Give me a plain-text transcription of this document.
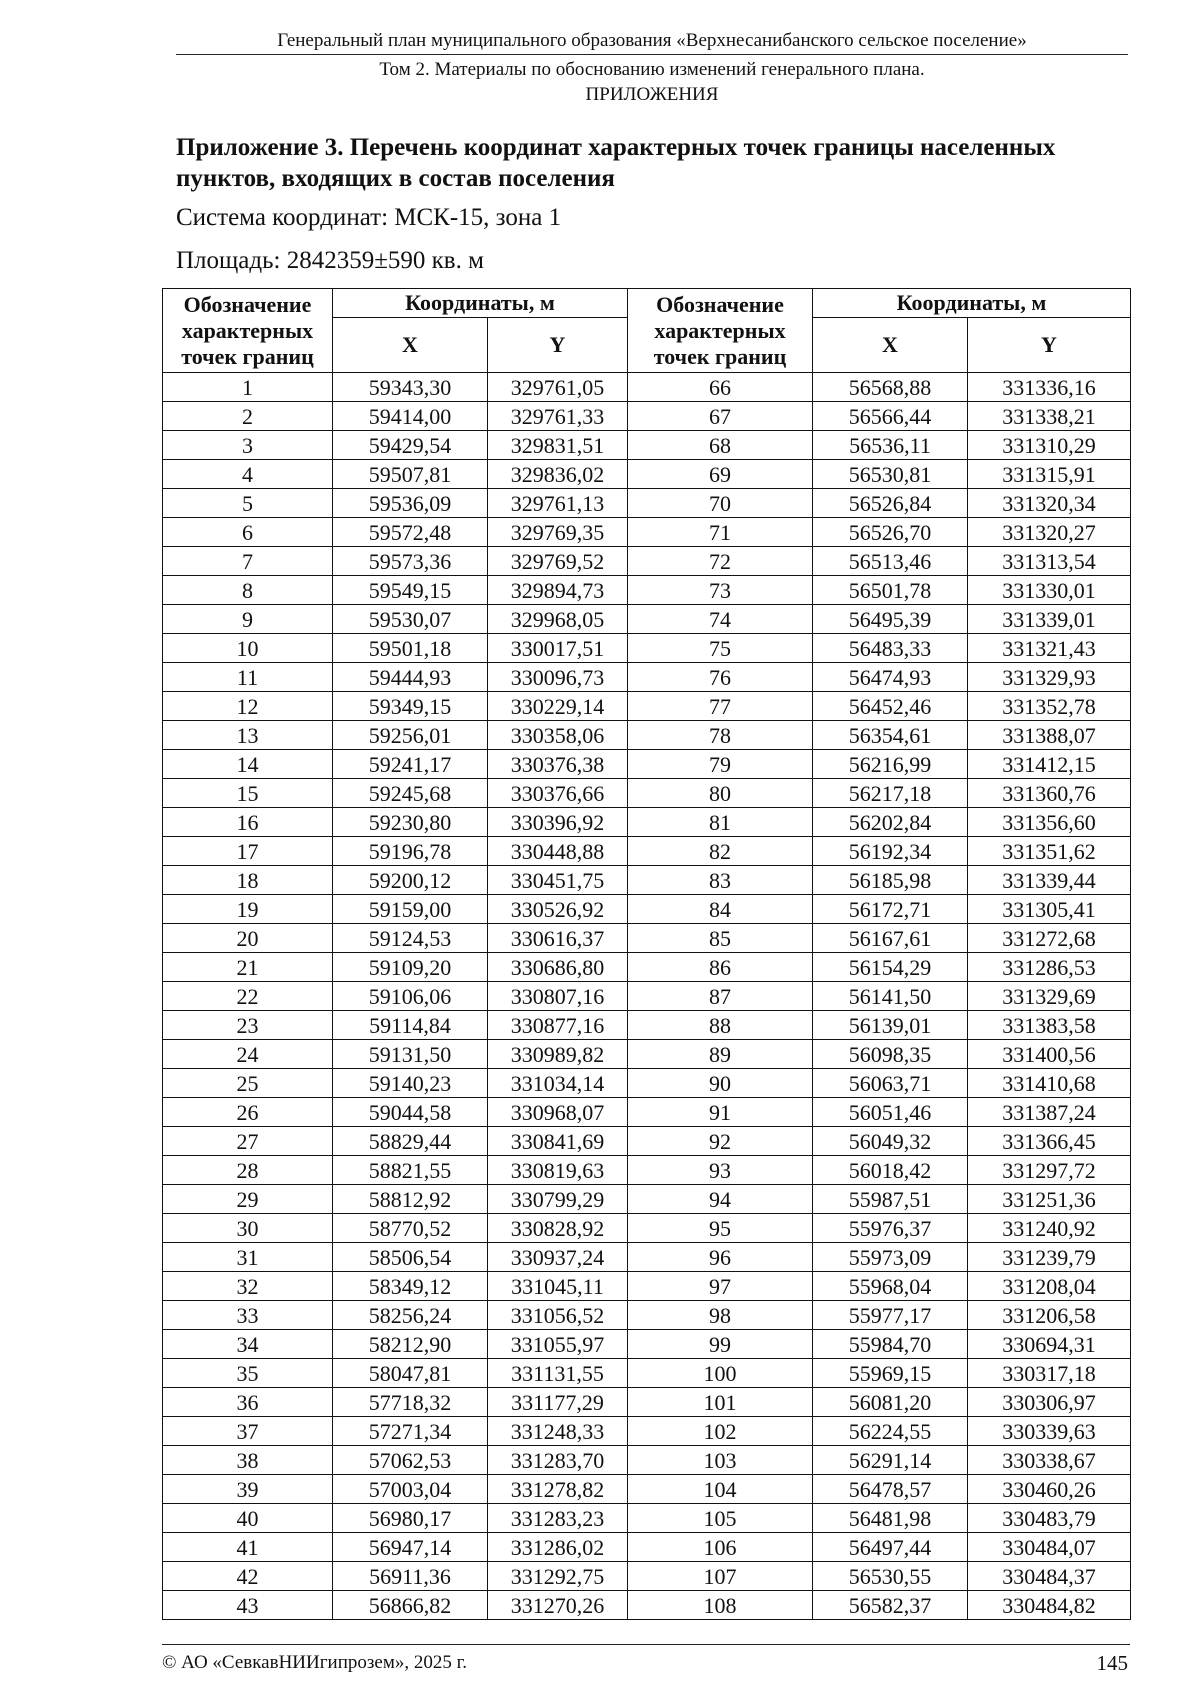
Генеральный план муниципального образования «Верхнесанибанского сельское поселение»
Том 2. Материалы по обоснованию изменений генерального плана.
ПРИЛОЖЕНИЯ
Приложение 3. Перечень координат характерных точек границы населенных пунктов, входящих в состав поселения
Система координат: МСК-15, зона 1
Площадь: 2842359±590 кв. м
Обозначение характерных точек границ	Координаты, м		Обозначение характерных точек границ	Координаты, м	
	X	Y		X	Y
1	59343,30	329761,05	66	56568,88	331336,16
2	59414,00	329761,33	67	56566,44	331338,21
3	59429,54	329831,51	68	56536,11	331310,29
4	59507,81	329836,02	69	56530,81	331315,91
5	59536,09	329761,13	70	56526,84	331320,34
6	59572,48	329769,35	71	56526,70	331320,27
7	59573,36	329769,52	72	56513,46	331313,54
8	59549,15	329894,73	73	56501,78	331330,01
9	59530,07	329968,05	74	56495,39	331339,01
10	59501,18	330017,51	75	56483,33	331321,43
11	59444,93	330096,73	76	56474,93	331329,93
12	59349,15	330229,14	77	56452,46	331352,78
13	59256,01	330358,06	78	56354,61	331388,07
14	59241,17	330376,38	79	56216,99	331412,15
15	59245,68	330376,66	80	56217,18	331360,76
16	59230,80	330396,92	81	56202,84	331356,60
17	59196,78	330448,88	82	56192,34	331351,62
18	59200,12	330451,75	83	56185,98	331339,44
19	59159,00	330526,92	84	56172,71	331305,41
20	59124,53	330616,37	85	56167,61	331272,68
21	59109,20	330686,80	86	56154,29	331286,53
22	59106,06	330807,16	87	56141,50	331329,69
23	59114,84	330877,16	88	56139,01	331383,58
24	59131,50	330989,82	89	56098,35	331400,56
25	59140,23	331034,14	90	56063,71	331410,68
26	59044,58	330968,07	91	56051,46	331387,24
27	58829,44	330841,69	92	56049,32	331366,45
28	58821,55	330819,63	93	56018,42	331297,72
29	58812,92	330799,29	94	55987,51	331251,36
30	58770,52	330828,92	95	55976,37	331240,92
31	58506,54	330937,24	96	55973,09	331239,79
32	58349,12	331045,11	97	55968,04	331208,04
33	58256,24	331056,52	98	55977,17	331206,58
34	58212,90	331055,97	99	55984,70	330694,31
35	58047,81	331131,55	100	55969,15	330317,18
36	57718,32	331177,29	101	56081,20	330306,97
37	57271,34	331248,33	102	56224,55	330339,63
38	57062,53	331283,70	103	56291,14	330338,67
39	57003,04	331278,82	104	56478,57	330460,26
40	56980,17	331283,23	105	56481,98	330483,79
41	56947,14	331286,02	106	56497,44	330484,07
42	56911,36	331292,75	107	56530,55	330484,37
43	56866,82	331270,26	108	56582,37	330484,82
© АО «СевкавНИИгипрозем», 2025 г.	145
